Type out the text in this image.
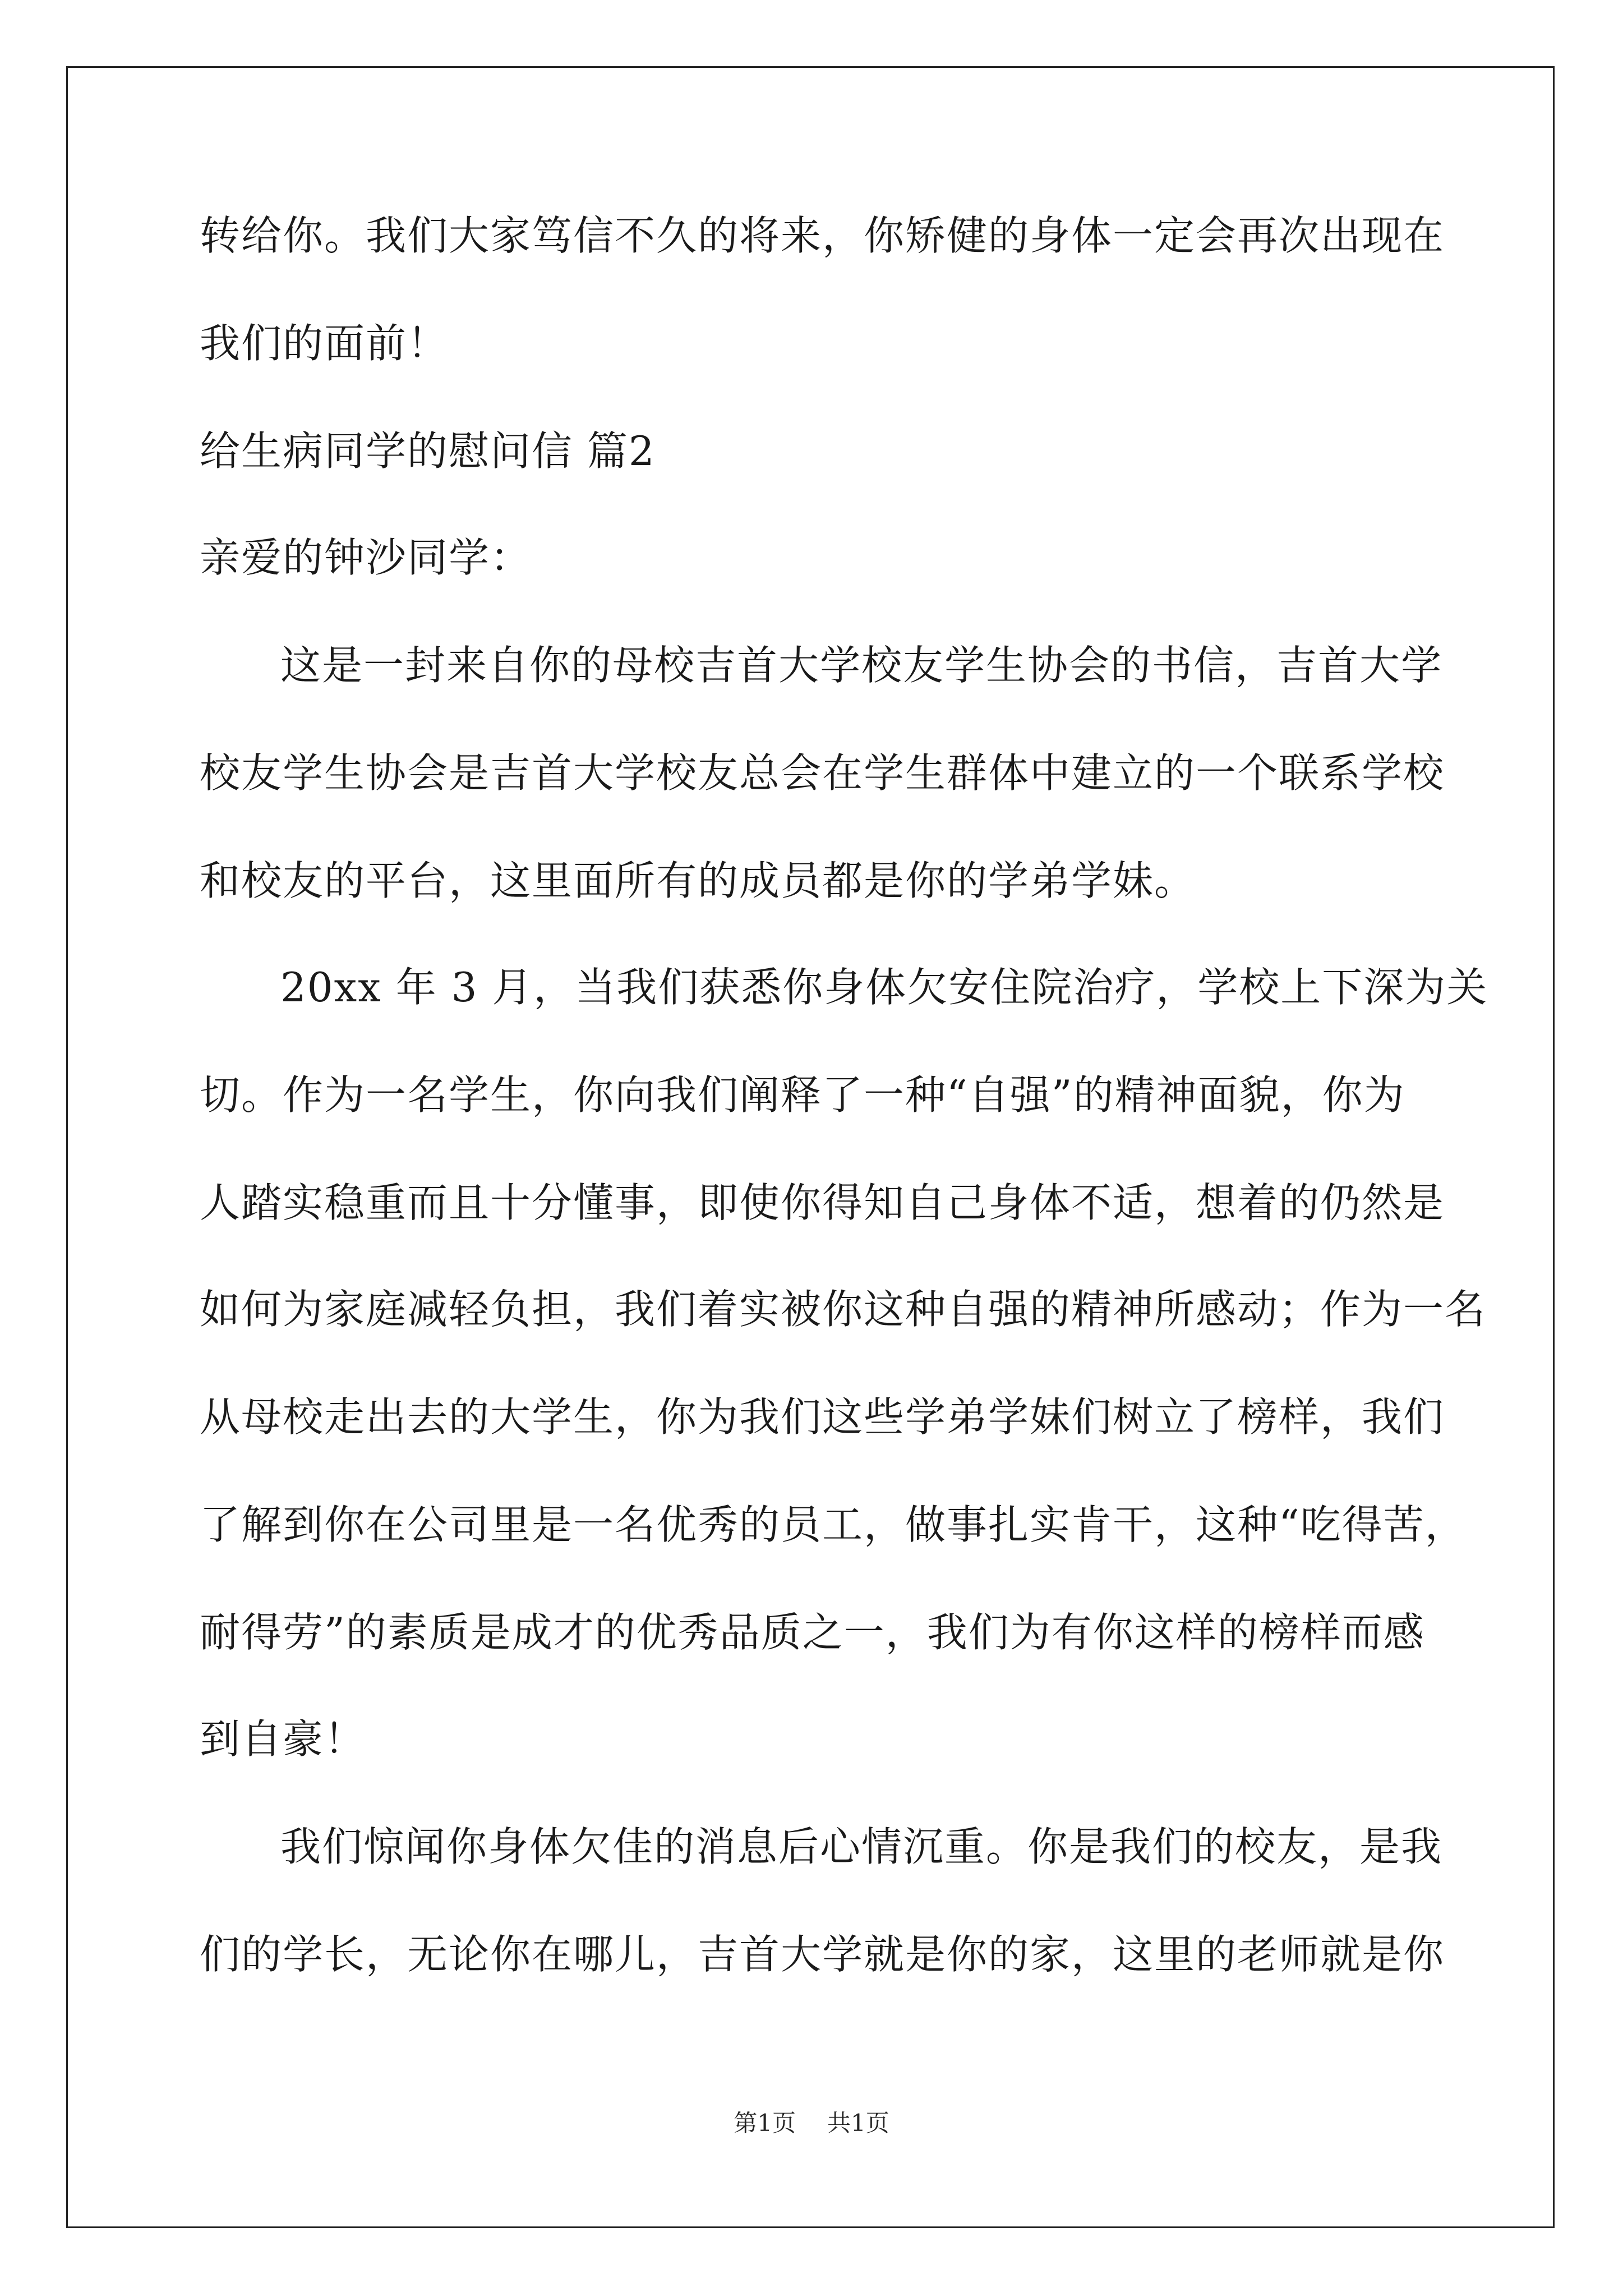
转给你。我们大家笃信不久的将来，你矫健的身体一定会再次出现在
我们的面前！
给生病同学的慰问信 篇2
亲爱的钟沙同学：
这是一封来自你的母校吉首大学校友学生协会的书信，吉首大学
校友学生协会是吉首大学校友总会在学生群体中建立的一个联系学校
和校友的平台，这里面所有的成员都是你的学弟学妹。
20xx 年 3 月，当我们获悉你身体欠安住院治疗，学校上下深为关
切。作为一名学生，你向我们阐释了一种“自强”的精神面貌，你为
人踏实稳重而且十分懂事，即使你得知自己身体不适，想着的仍然是
如何为家庭减轻负担，我们着实被你这种自强的精神所感动；作为一名
从母校走出去的大学生，你为我们这些学弟学妹们树立了榜样，我们
了解到你在公司里是一名优秀的员工，做事扎实肯干，这种“吃得苦，
耐得劳”的素质是成才的优秀品质之一，我们为有你这样的榜样而感
到自豪！
我们惊闻你身体欠佳的消息后心情沉重。你是我们的校友，是我
们的学长，无论你在哪儿，吉首大学就是你的家，这里的老师就是你
第1页 共1页
